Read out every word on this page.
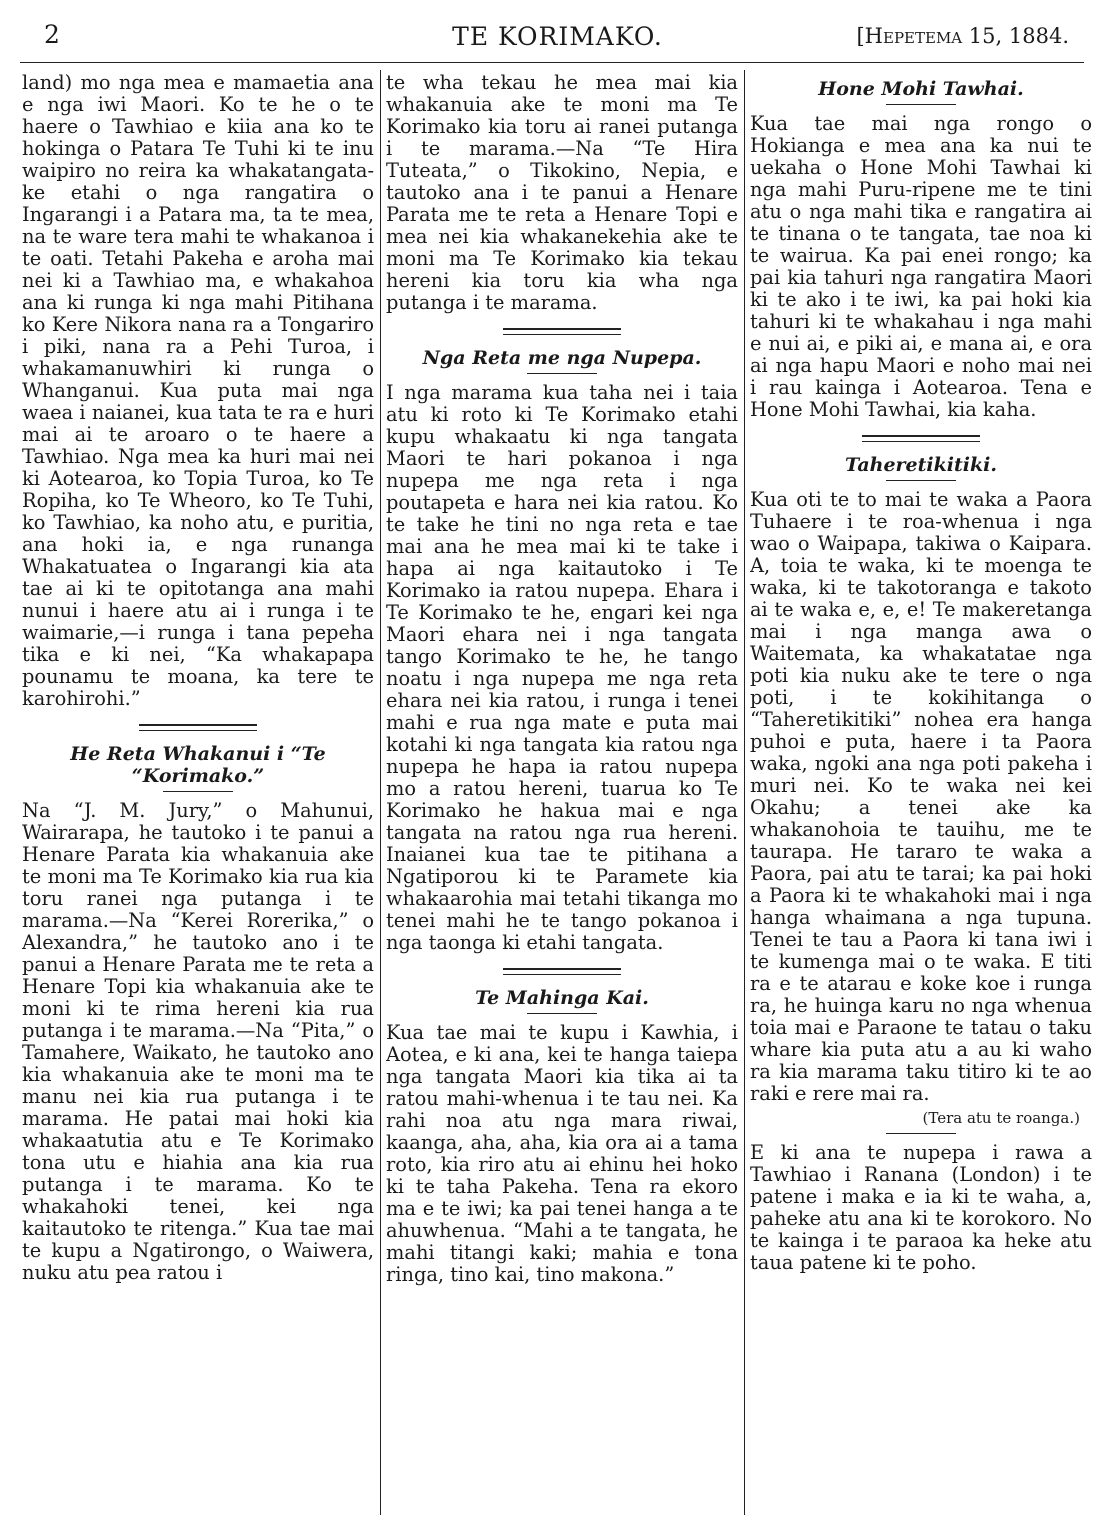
2	TE KORIMAKO.	[Hepetema 15, 1884.

land) mo nga mea e mamaetia ana e nga iwi Maori. Ko te he o te haere o Tawhiao e kiia ana ko te hokinga o Patara Te Tuhi ki te inu waipiro no reira ka whakatangata-ke etahi o nga rangatira o Ingarangi i a Patara ma, ta te mea, na te ware tera mahi te whakanoa i te oati. Tetahi Pakeha e aroha mai nei ki a Tawhiao ma, e whakahoa ana ki runga ki nga mahi Pitihana ko Kere Nikora nana ra a Tongariro i piki, nana ra a Pehi Turoa, i whakamanuwhiri ki runga o Whanganui. Kua puta mai nga waea i naianei, kua tata te ra e huri mai ai te aroaro o te haere a Tawhiao. Nga mea ka huri mai nei ki Aotearoa, ko Topia Turoa, ko Te Ropiha, ko Te Wheoro, ko Te Tuhi, ko Tawhiao, ka noho atu, e puritia, ana hoki ia, e nga runanga Whakatuatea o Ingarangi kia ata tae ai ki te opitotanga ana mahi nunui i haere atu ai i runga i te waimarie,—i runga i tana pepeha tika e ki nei, “Ka whakapapa pounamu te moana, ka tere te karohirohi.”

He Reta Whakanui i “Te
“Korimako.”

Na “J. M. Jury,” o Mahunui, Wairarapa, he tautoko i te panui a Henare Parata kia whakanuia ake te moni ma Te Korimako kia rua kia toru ranei nga putanga i te marama.—Na “Kerei Rorerika,” o Alexandra,” he tautoko ano i te panui a Henare Parata me te reta a Henare Topi kia whakanuia ake te moni ki te rima hereni kia rua putanga i te marama.—Na “Pita,” o Tamahere, Waikato, he tautoko ano kia whakanuia ake te moni ma te manu nei kia rua putanga i te marama. He patai mai hoki kia whakaatutia atu e Te Korimako tona utu e hiahia ana kia rua putanga i te marama. Ko te whakahoki tenei, kei nga kaitautoko te ritenga.” Kua tae mai te kupu a Ngatirongo, o Waiwera, nuku atu pea ratou i

te wha tekau he mea mai kia whakanuia ake te moni ma Te Korimako kia toru ai ranei putanga i te marama.—Na “Te Hira Tuteata,” o Tikokino, Nepia, e tautoko ana i te panui a Henare Parata me te reta a Henare Topi e mea nei kia whakanekehia ake te moni ma Te Korimako kia tekau hereni kia toru kia wha nga putanga i te marama.

Nga Reta me nga Nupepa.

I nga marama kua taha nei i taia atu ki roto ki Te Korimako etahi kupu whakaatu ki nga tangata Maori te hari pokanoa i nga nupepa me nga reta i nga poutapeta e hara nei kia ratou. Ko te take he tini no nga reta e tae mai ana he mea mai ki te take i hapa ai nga kaitautoko i Te Korimako ia ratou nupepa. Ehara i Te Korimako te he, engari kei nga Maori ehara nei i nga tangata tango Korimako te he, he tango noatu i nga nupepa me nga reta ehara nei kia ratou, i runga i tenei mahi e rua nga mate e puta mai kotahi ki nga tangata kia ratou nga nupepa he hapa ia ratou nupepa mo a ratou hereni, tuarua ko Te Korimako he hakua mai e nga tangata na ratou nga rua hereni. Inaianei kua tae te pitihana a Ngatiporou ki te Paramete kia whakaarohia mai tetahi tikanga mo tenei mahi he te tango pokanoa i nga taonga ki etahi tangata.

Te Mahinga Kai.

Kua tae mai te kupu i Kawhia, i Aotea, e ki ana, kei te hanga taiepa nga tangata Maori kia tika ai ta ratou mahi-whenua i te tau nei. Ka rahi noa atu nga mara riwai, kaanga, aha, aha, kia ora ai a tama roto, kia riro atu ai ehinu hei hoko ki te taha Pakeha. Tena ra ekoro ma e te iwi; ka pai tenei hanga a te ahuwhenua. “Mahi a te tangata, he mahi titangi kaki; mahia e tona ringa, tino kai, tino makona.”

Hone Mohi Tawhai.

Kua tae mai nga rongo o Hokianga e mea ana ka nui te uekaha o Hone Mohi Tawhai ki nga mahi Puru-ripene me te tini atu o nga mahi tika e rangatira ai te tinana o te tangata, tae noa ki te wairua. Ka pai enei rongo; ka pai kia tahuri nga rangatira Maori ki te ako i te iwi, ka pai hoki kia tahuri ki te whakahau i nga mahi e nui ai, e piki ai, e mana ai, e ora ai nga hapu Maori e noho mai nei i rau kainga i Aotearoa. Tena e Hone Mohi Tawhai, kia kaha.

Taheretikitiki.

Kua oti te to mai te waka a Paora Tuhaere i te roa-whenua i nga wao o Waipapa, takiwa o Kaipara. A, toia te waka, ki te moenga te waka, ki te takotoranga e takoto ai te waka e, e, e! Te makeretanga mai i nga manga awa o Waitemata, ka whakatatae nga poti kia nuku ake te tere o nga poti, i te kokihitanga o “Taheretikitiki” nohea era hanga puhoi e puta, haere i ta Paora waka, ngoki ana nga poti pakeha i muri nei. Ko te waka nei kei Okahu; a tenei ake ka whakanohoia te tauihu, me te taurapa. He tararo te waka a Paora, pai atu te tarai; ka pai hoki a Paora ki te whakahoki mai i nga hanga whaimana a nga tupuna. Tenei te tau a Paora ki tana iwi i te kumenga mai o te waka. E titi ra e te atarau e koke koe i runga ra, he huinga karu no nga whenua toia mai e Paraone te tatau o taku whare kia puta atu a au ki waho ra kia marama taku titiro ki te ao raki e rere mai ra.

(Tera atu te roanga.)

E ki ana te nupepa i rawa a Tawhiao i Ranana (London) i te patene i maka e ia ki te waha, a, paheke atu ana ki te korokoro. No te kainga i te paraoa ka heke atu taua patene ki te poho.
